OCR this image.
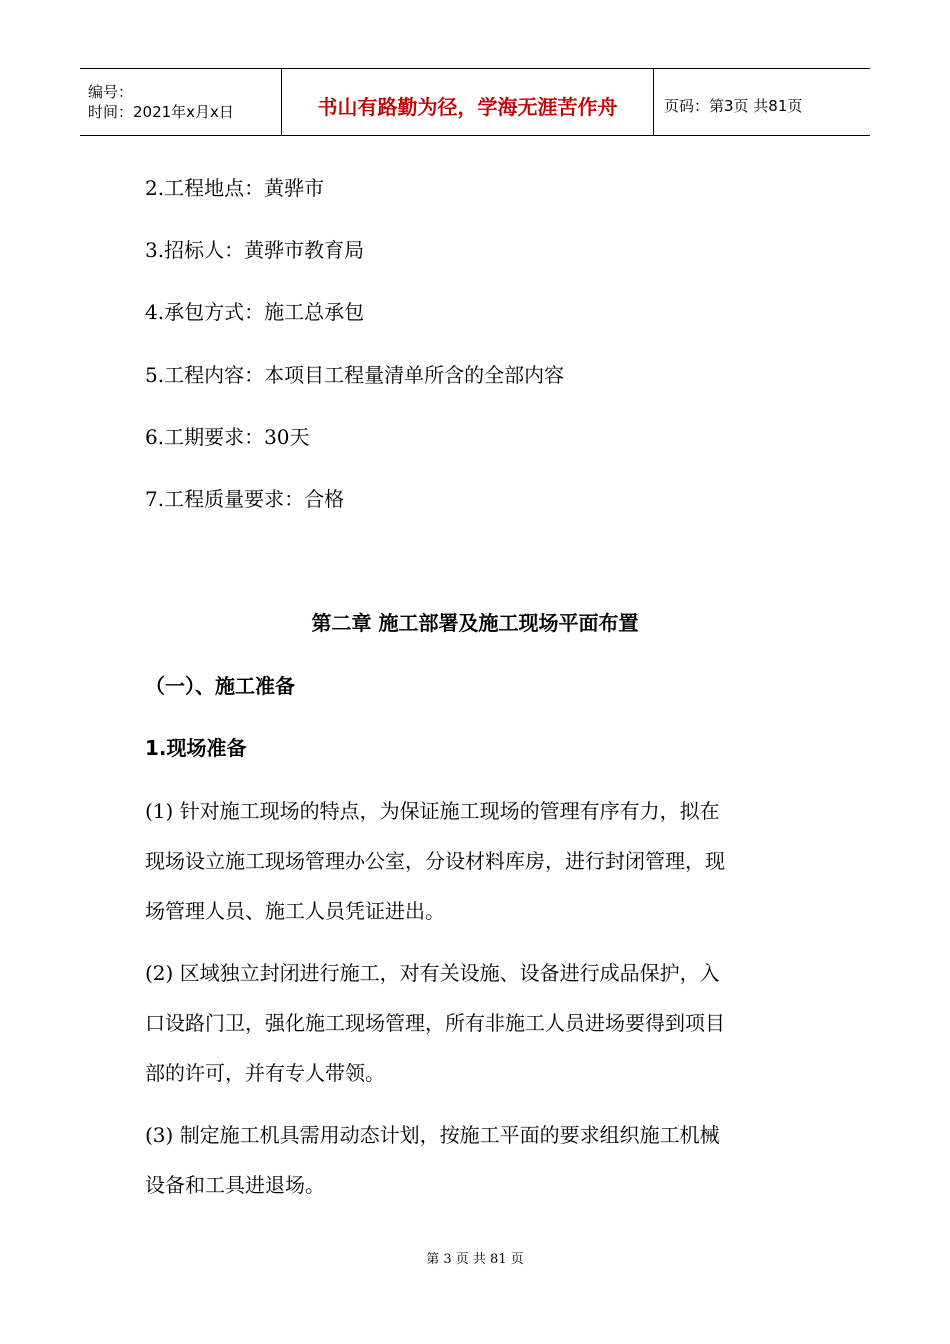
编号：
时间：2021年x月x日	书山有路勤为径，学海无涯苦作舟	页码：第3页 共81页
2.工程地点：黄骅市
3.招标人：黄骅市教育局
4.承包方式：施工总承包
5.工程内容：本项目工程量清单所含的全部内容
6.工期要求：30天
7.工程质量要求：合格
第二章 施工部署及施工现场平面布置
（一）、施工准备
1.现场准备
(1) 针对施工现场的特点，为保证施工现场的管理有序有力，拟在
现场设立施工现场管理办公室，分设材料库房，进行封闭管理，现
场管理人员、施工人员凭证进出。
(2) 区域独立封闭进行施工，对有关设施、设备进行成品保护，入
口设路门卫，强化施工现场管理，所有非施工人员进场要得到项目
部的许可，并有专人带领。
(3) 制定施工机具需用动态计划，按施工平面的要求组织施工机械
设备和工具进退场。
第 3 页 共 81 页
